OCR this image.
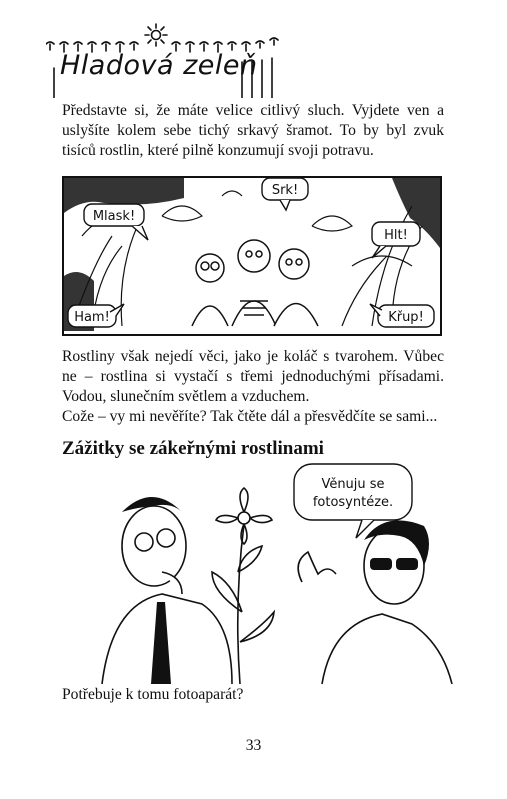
Hladová zeleň

Představte si, že máte velice citlivý sluch. Vyjdete ven a uslyšíte kolem sebe tichý srkavý šramot. To by byl zvuk tisíců rostlin, které pilně konzumují svoji potravu.

Srk!
Mlask!
Hlt!
Ham!	Křup!
Rostliny však nejedí věci, jako je koláč s tvarohem. Vůbec ne – rostlina si vystačí s třemi jednoduchými přísadami. Vodou, slunečním světlem a vzduchem.
Cože – vy mi nevěříte? Tak čtěte dál a přesvědčíte se sami...
Zážitky se zákeřnými rostlinami
Věnuju se
fotosyntéze.
Potřebuje k tomu fotoaparát?
33
